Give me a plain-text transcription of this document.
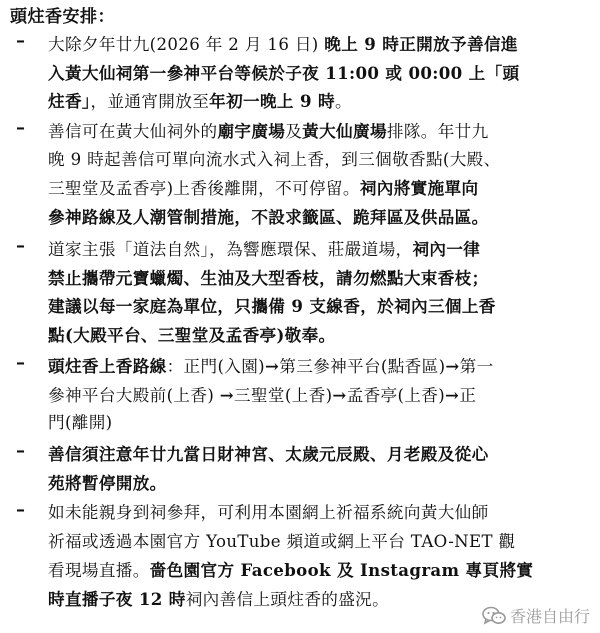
頭炷香安排：
– 大除夕年廿九(2026 年 2 月 16 日) 晚上 9 時正開放予善信進
入黃大仙祠第一參神平台等候於子夜 11:00 或 00:00 上「頭
炷香」，並通宵開放至年初一晚上 9 時。
– 善信可在黃大仙祠外的廟宇廣場及黃大仙廣場排隊。年廿九
晚 9 時起善信可單向流水式入祠上香，到三個敬香點(大殿、
三聖堂及孟香亭)上香後離開，不可停留。祠內將實施單向
參神路線及人潮管制措施，不設求籤區、跪拜區及供品區。
– 道家主張「道法自然」，為響應環保、莊嚴道場，祠內一律
禁止攜帶元寶蠟燭、生油及大型香枝，請勿燃點大束香枝；
建議以每一家庭為單位，只攜備 9 支線香，於祠內三個上香
點(大殿平台、三聖堂及孟香亭)敬奉。
– 頭炷香上香路線：正門(入園)→第三參神平台(點香區)→第一
參神平台大殿前(上香) →三聖堂(上香)→孟香亭(上香)→正
門(離開)
– 善信須注意年廿九當日財神宮、太歲元辰殿、月老殿及從心
苑將暫停開放。
– 如未能親身到祠參拜，可利用本園網上祈福系統向黃大仙師
祈福或透過本園官方 YouTube 頻道或網上平台 TAO-NET 觀
看現場直播。嗇色園官方 Facebook 及 Instagram 專頁將實
時直播子夜 12 時祠內善信上頭炷香的盛況。
香港自由行
